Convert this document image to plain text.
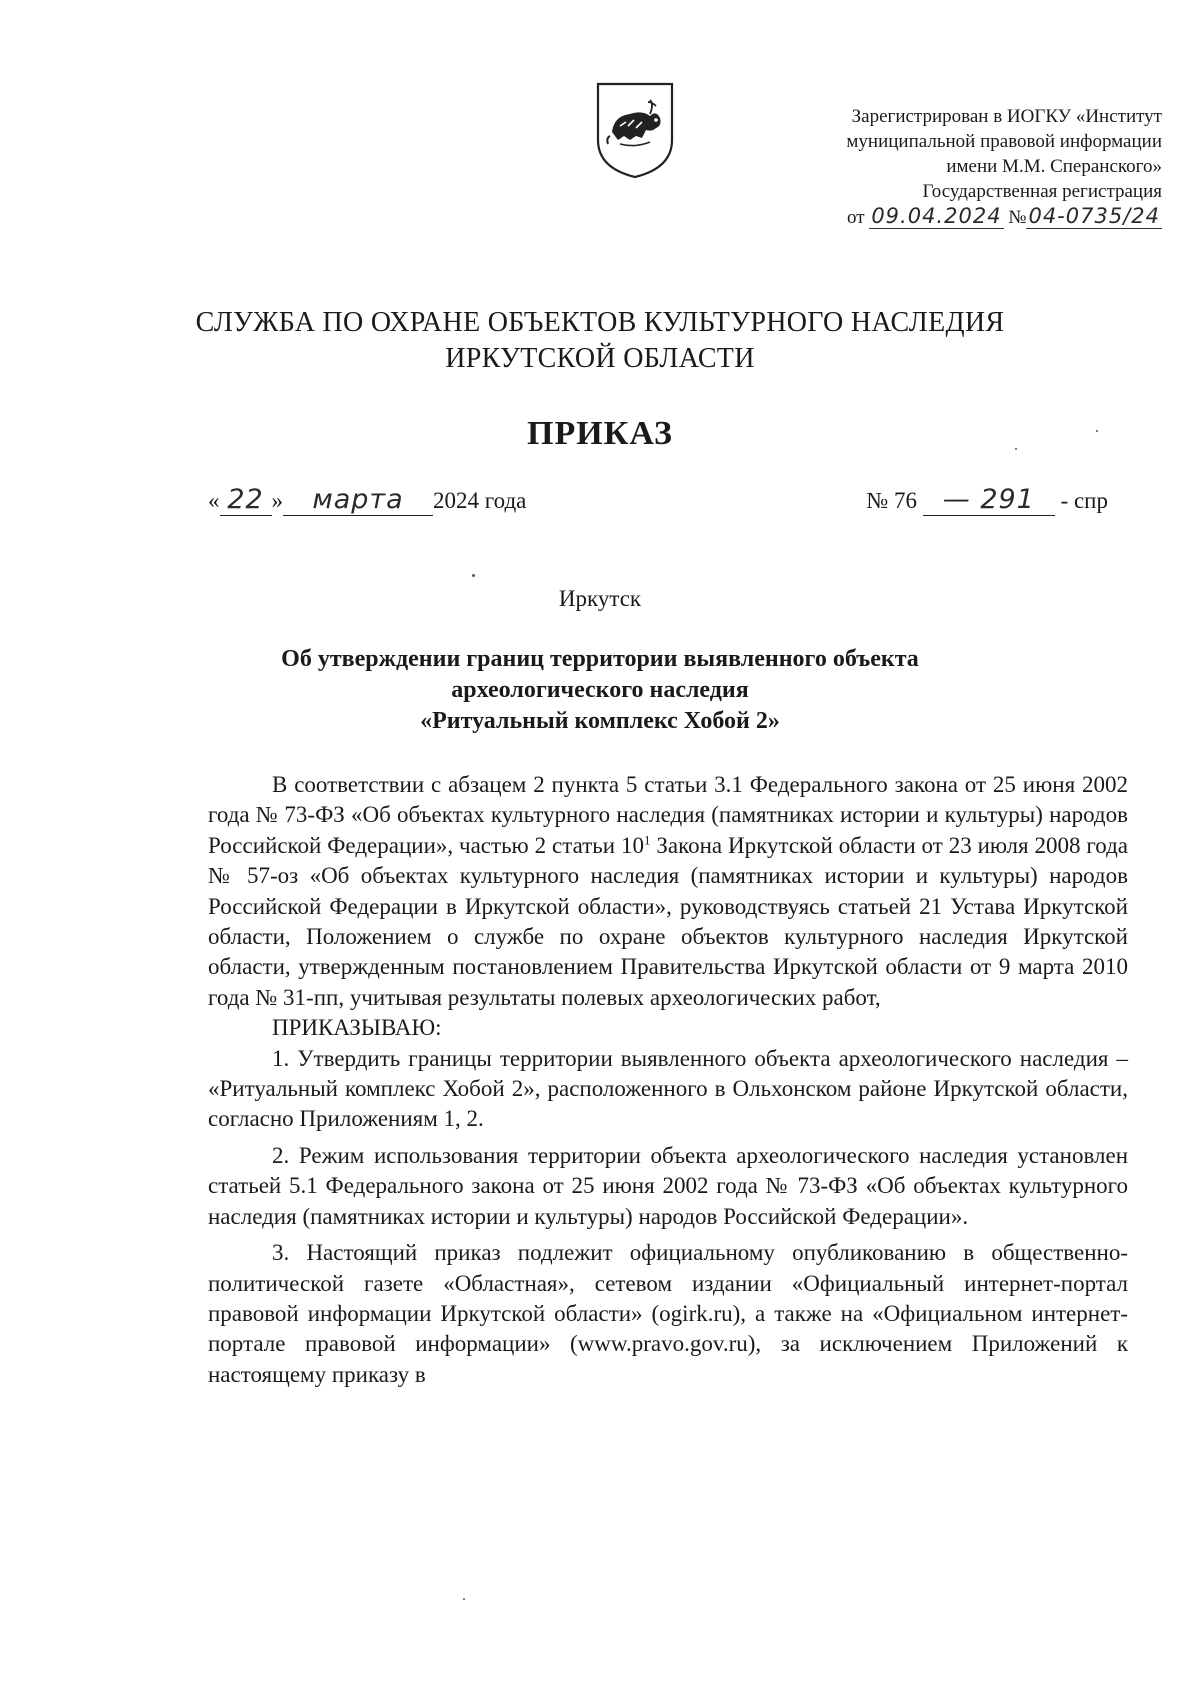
Зарегистрирован в ИОГКУ «Институт
муниципальной правовой информации
имени М.М. Сперанского»
Государственная регистрация
от 09.04.2024 №04-0735/24
СЛУЖБА ПО ОХРАНЕ ОБЪЕКТОВ КУЛЬТУРНОГО НАСЛЕДИЯ
ИРКУТСКОЙ ОБЛАСТИ
ПРИКАЗ
« 22 » марта 2024 года	№ 76 — 291 - спр
Иркутск
Об утверждении границ территории выявленного объекта
археологического наследия
«Ритуальный комплекс Хобой 2»

В соответствии с абзацем 2 пункта 5 статьи 3.1 Федерального закона от 25 июня 2002 года № 73-ФЗ «Об объектах культурного наследия (памятниках истории и культуры) народов Российской Федерации», частью 2 статьи $10^1$ Закона Иркутской области от 23 июля 2008 года № 57-оз «Об объектах культурного наследия (памятниках истории и культуры) народов Российской Федерации в Иркутской области», руководствуясь статьей 21 Устава Иркутской области, Положением о службе по охране объектов культурного наследия Иркутской области, утвержденным постановлением Правительства Иркутской области от 9 марта 2010 года № 31-пп, учитывая результаты полевых археологических работ,

ПРИКАЗЫВАЮ:

1. Утвердить границы территории выявленного объекта археологического наследия – «Ритуальный комплекс Хобой 2», расположенного в Ольхонском районе Иркутской области, согласно Приложениям 1, 2.

2. Режим использования территории объекта археологического наследия установлен статьей 5.1 Федерального закона от 25 июня 2002 года № 73-ФЗ «Об объектах культурного наследия (памятниках истории и культуры) народов Российской Федерации».

3. Настоящий приказ подлежит официальному опубликованию в общественно-политической газете «Областная», сетевом издании «Официальный интернет-портал правовой информации Иркутской области» (ogirk.ru), а также на «Официальном интернет-портале правовой информации» (www.pravo.gov.ru), за исключением Приложений к настоящему приказу в
